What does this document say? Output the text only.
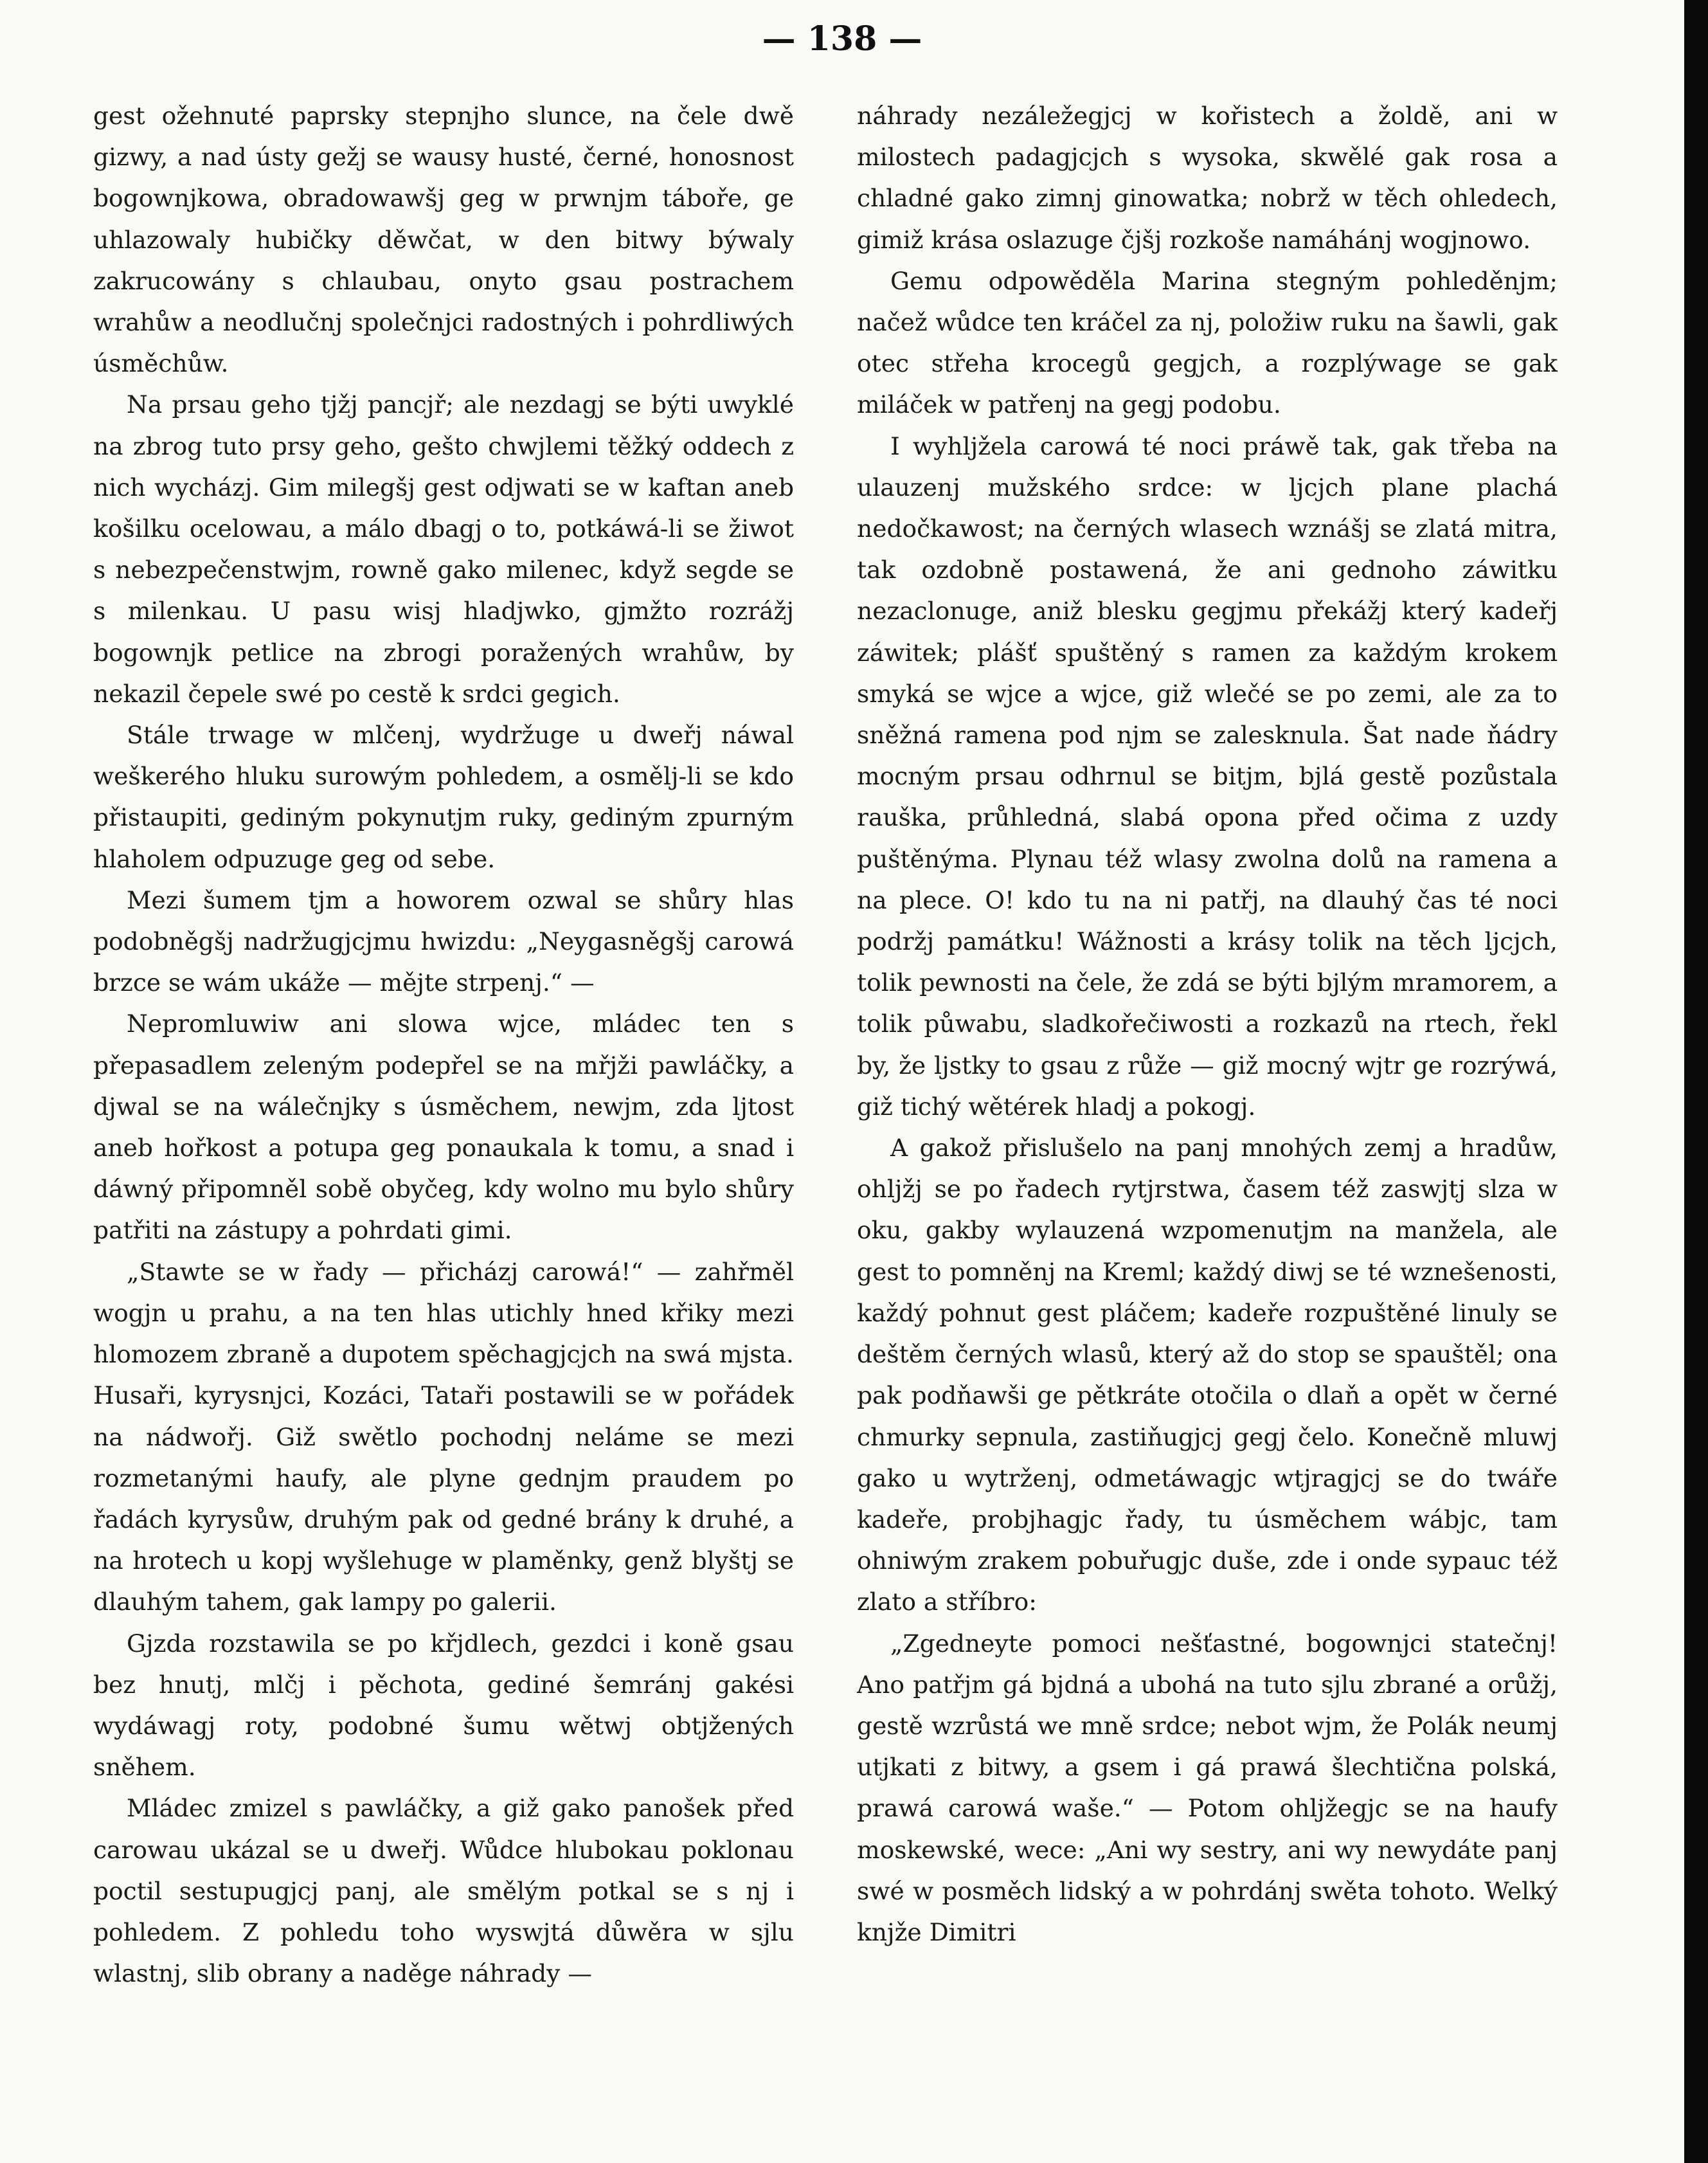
— 138 —

gest ožehnuté paprsky stepnjho slunce, na čele dwě gizwy, a nad ústy gežj se wausy husté, černé, honosnost bogownjkowa, obradowawšj geg w prwnjm táboře, ge uhlazowaly hubičky děwčat, w den bitwy býwaly zakrucowány s chlaubau, onyto gsau postrachem wrahůw a neodlučnj společnjci radostných i pohrdliwých úsměchůw.

Na prsau geho tjžj pancjř; ale nezdagj se býti uwyklé na zbrog tuto prsy geho, gešto chwjlemi těžký oddech z nich wycházj. Gim milegšj gest odjwati se w kaftan aneb košilku ocelowau, a málo dbagj o to, potkáwá-li se žiwot s nebezpečenstwjm, rowně gako milenec, když segde se s milenkau. U pasu wisj hladjwko, gjmžto rozrážj bogownjk petlice na zbrogi poražených wrahůw, by nekazil čepele swé po cestě k srdci gegich.

Stále trwage w mlčenj, wydržuge u dweřj náwal weškerého hluku surowým pohledem, a osmělj-li se kdo přistaupiti, gediným pokynutjm ruky, gediným zpurným hlaholem odpuzuge geg od sebe.

Mezi šumem tjm a howorem ozwal se shůry hlas podobněgšj nadržugjcjmu hwizdu: „Neygasněgšj carowá brzce se wám ukáže — mějte strpenj.“ —

Nepromluwiw ani slowa wjce, mládec ten s přepasadlem zeleným podepřel se na mřjži pawláčky, a djwal se na wálečnjky s úsměchem, newjm, zda ljtost aneb hořkost a potupa geg ponaukala k tomu, a snad i dáwný připomněl sobě obyčeg, kdy wolno mu bylo shůry patřiti na zástupy a pohrdati gimi.

„Stawte se w řady — přicházj carowá!“ — zahřměl wogjn u prahu, a na ten hlas utichly hned křiky mezi hlomozem zbraně a dupotem spěchagjcjch na swá mjsta. Husaři, kyrysnjci, Kozáci, Tataři postawili se w pořádek na nádwořj. Giž swětlo pochodnj neláme se mezi rozmetanými haufy, ale plyne gednjm praudem po řadách kyrysůw, druhým pak od gedné brány k druhé, a na hrotech u kopj wyšlehuge w plaměnky, genž blyštj se dlauhým tahem, gak lampy po galerii.

Gjzda rozstawila se po křjdlech, gezdci i koně gsau bez hnutj, mlčj i pěchota, gediné šemránj gakési wydáwagj roty, podobné šumu wětwj obtjžených sněhem.

Mládec zmizel s pawláčky, a giž gako panošek před carowau ukázal se u dweřj. Wůdce hlubokau poklonau poctil sestupugjcj panj, ale smělým potkal se s nj i pohledem. Z pohledu toho wyswjtá důwěra w sjlu wlastnj, slib obrany a naděge náhrady —

náhrady nezáležegjcj w kořistech a žoldě, ani w milostech padagjcjch s wysoka, skwělé gak rosa a chladné gako zimnj ginowatka; nobrž w těch ohledech, gimiž krása oslazuge čjšj rozkoše namáhánj wogjnowo.

Gemu odpowěděla Marina stegným pohleděnjm; načež wůdce ten kráčel za nj, položiw ruku na šawli, gak otec střeha krocegů gegjch, a rozplýwage se gak miláček w patřenj na gegj podobu.

I wyhljžela carowá té noci práwě tak, gak třeba na ulauzenj mužského srdce: w ljcjch plane plachá nedočkawost; na černých wlasech wznášj se zlatá mitra, tak ozdobně postawená, že ani gednoho záwitku nezaclonuge, aniž blesku gegjmu překážj který kadeřj záwitek; plášť spuštěný s ramen za každým krokem smyká se wjce a wjce, giž wlečé se po zemi, ale za to sněžná ramena pod njm se zalesknula. Šat nade ňádry mocným prsau odhrnul se bitjm, bjlá gestě pozůstala rauška, průhledná, slabá opona před očima z uzdy puštěnýma. Plynau též wlasy zwolna dolů na ramena a na plece. O! kdo tu na ni patřj, na dlauhý čas té noci podržj památku! Wážnosti a krásy tolik na těch ljcjch, tolik pewnosti na čele, že zdá se býti bjlým mramorem, a tolik půwabu, sladkořečiwosti a rozkazů na rtech, řekl by, že ljstky to gsau z růže — giž mocný wjtr ge rozrýwá, giž tichý wětérek hladj a pokogj.

A gakož přislušelo na panj mnohých zemj a hradůw, ohljžj se po řadech rytjrstwa, časem též zaswjtj slza w oku, gakby wylauzená wzpomenutjm na manžela, ale gest to pomněnj na Kreml; každý diwj se té wznešenosti, každý pohnut gest pláčem; kadeře rozpuštěné linuly se deštěm černých wlasů, který až do stop se spauštěl; ona pak podňawši ge pětkráte otočila o dlaň a opět w černé chmurky sepnula, zastiňugjcj gegj čelo. Konečně mluwj gako u wytrženj, odmetáwagjc wtjragjcj se do twáře kadeře, probjhagjc řady, tu úsměchem wábjc, tam ohniwým zrakem pobuřugjc duše, zde i onde sypauc též zlato a stříbro:

„Zgedneyte pomoci nešťastné, bogownjci statečnj! Ano patřjm gá bjdná a ubohá na tuto sjlu zbrané a orůžj, gestě wzrůstá we mně srdce; nebot wjm, že Polák neumj utjkati z bitwy, a gsem i gá prawá šlechtična polská, prawá carowá waše.“ — Potom ohljžegjc se na haufy moskewské, wece: „Ani wy sestry, ani wy newydáte panj swé w posměch lidský a w pohrdánj swěta tohoto. Welký knjže Dimitri
